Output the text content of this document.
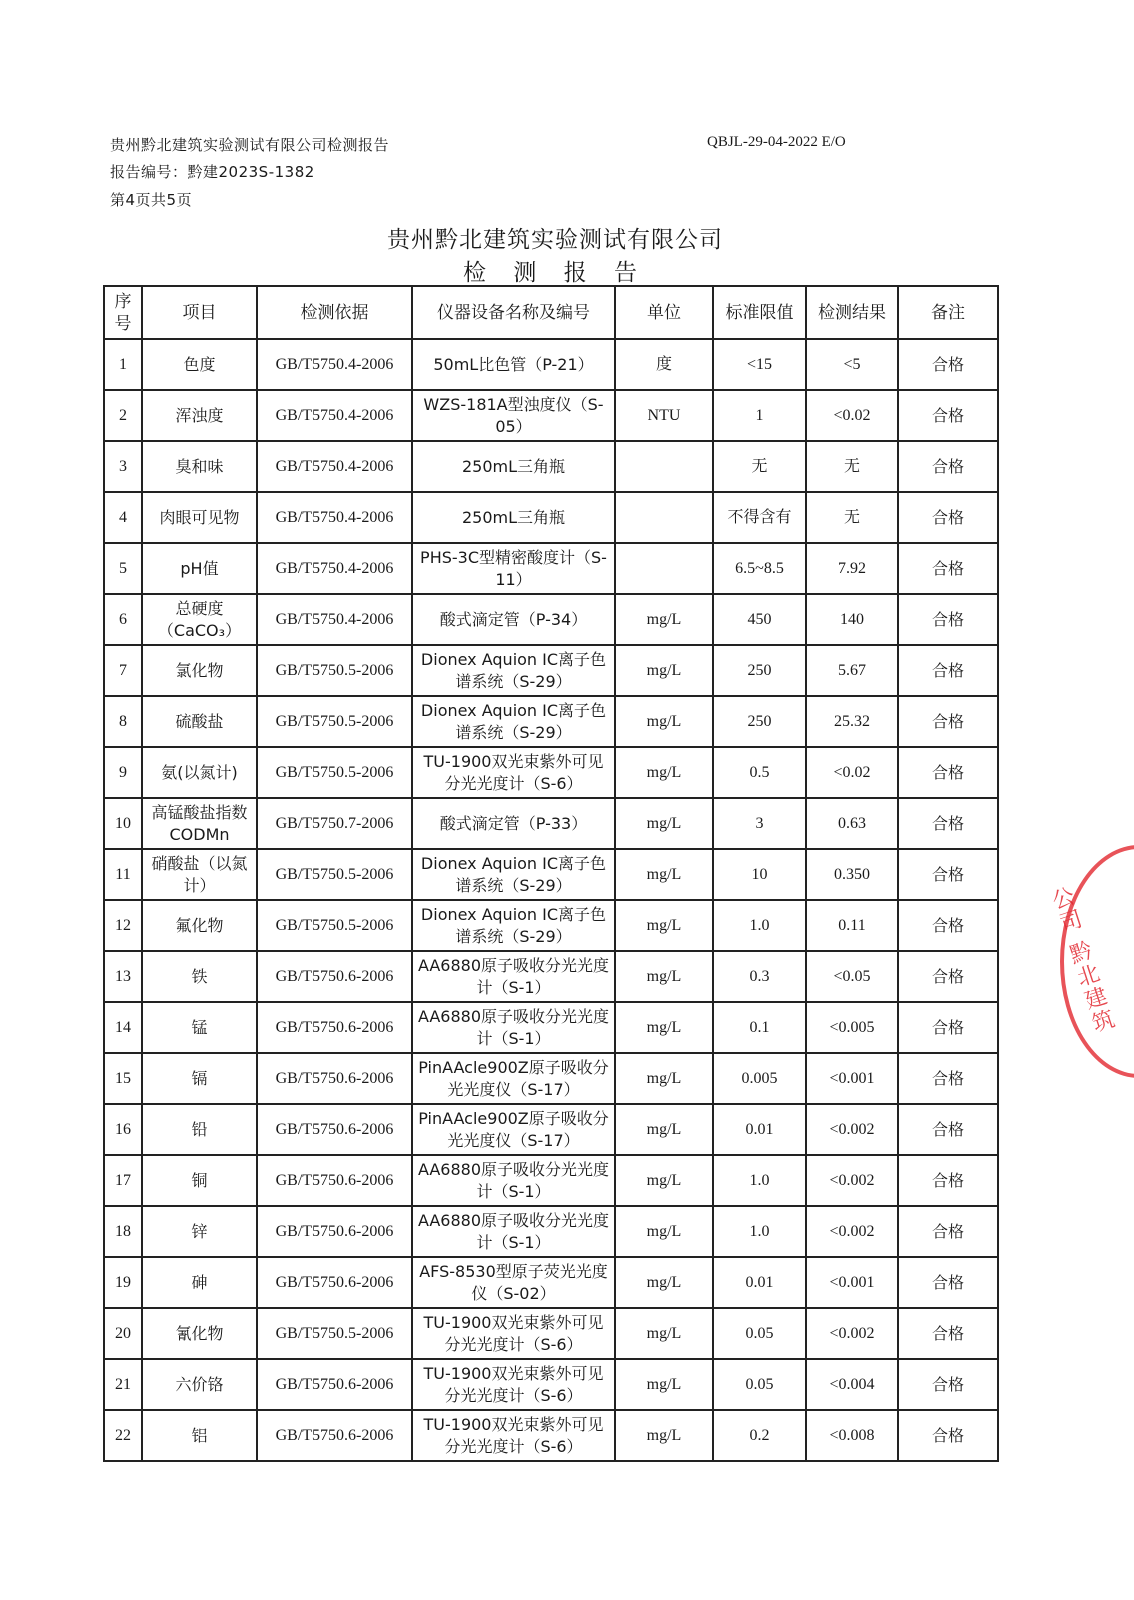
贵州黔北建筑实验测试有限公司检测报告
报告编号：黔建2023S-1382
第4页共5页
QBJL-29-04-2022 E/O
贵州黔北建筑实验测试有限公司
检 测 报 告
序号	项目	检测依据	仪器设备名称及编号	单位	标准限值	检测结果	备注
1	色度	GB/T5750.4-2006	50mL比色管（P-21）	度	<15	<5	合格
2	浑浊度	GB/T5750.4-2006	WZS-181A型浊度仪（S-05）	NTU	1	<0.02	合格
3	臭和味	GB/T5750.4-2006	250mL三角瓶		无	无	合格
4	肉眼可见物	GB/T5750.4-2006	250mL三角瓶		不得含有	无	合格
5	pH值	GB/T5750.4-2006	PHS-3C型精密酸度计（S-11）		6.5~8.5	7.92	合格
6	总硬度（CaCO₃）	GB/T5750.4-2006	酸式滴定管（P-34）	mg/L	450	140	合格
7	氯化物	GB/T5750.5-2006	Dionex Aquion IC离子色谱系统（S-29）	mg/L	250	5.67	合格
8	硫酸盐	GB/T5750.5-2006	Dionex Aquion IC离子色谱系统（S-29）	mg/L	250	25.32	合格
9	氨(以氮计)	GB/T5750.5-2006	TU-1900双光束紫外可见分光光度计（S-6）	mg/L	0.5	<0.02	合格
10	高锰酸盐指数CODMn	GB/T5750.7-2006	酸式滴定管（P-33）	mg/L	3	0.63	合格
11	硝酸盐（以氮计）	GB/T5750.5-2006	Dionex Aquion IC离子色谱系统（S-29）	mg/L	10	0.350	合格
12	氟化物	GB/T5750.5-2006	Dionex Aquion IC离子色谱系统（S-29）	mg/L	1.0	0.11	合格
13	铁	GB/T5750.6-2006	AA6880原子吸收分光光度计（S-1）	mg/L	0.3	<0.05	合格
14	锰	GB/T5750.6-2006	AA6880原子吸收分光光度计（S-1）	mg/L	0.1	<0.005	合格
15	镉	GB/T5750.6-2006	PinAAcle900Z原子吸收分光光度仪（S-17）	mg/L	0.005	<0.001	合格
16	铅	GB/T5750.6-2006	PinAAcle900Z原子吸收分光光度仪（S-17）	mg/L	0.01	<0.002	合格
17	铜	GB/T5750.6-2006	AA6880原子吸收分光光度计（S-1）	mg/L	1.0	<0.002	合格
18	锌	GB/T5750.6-2006	AA6880原子吸收分光光度计（S-1）	mg/L	1.0	<0.002	合格
19	砷	GB/T5750.6-2006	AFS-8530型原子荧光光度仪（S-02）	mg/L	0.01	<0.001	合格
20	氰化物	GB/T5750.5-2006	TU-1900双光束紫外可见分光光度计（S-6）	mg/L	0.05	<0.002	合格
21	六价铬	GB/T5750.6-2006	TU-1900双光束紫外可见分光光度计（S-6）	mg/L	0.05	<0.004	合格
22	铝	GB/T5750.6-2006	TU-1900双光束紫外可见分光光度计（S-6）	mg/L	0.2	<0.008	合格
公司 黔北建筑
